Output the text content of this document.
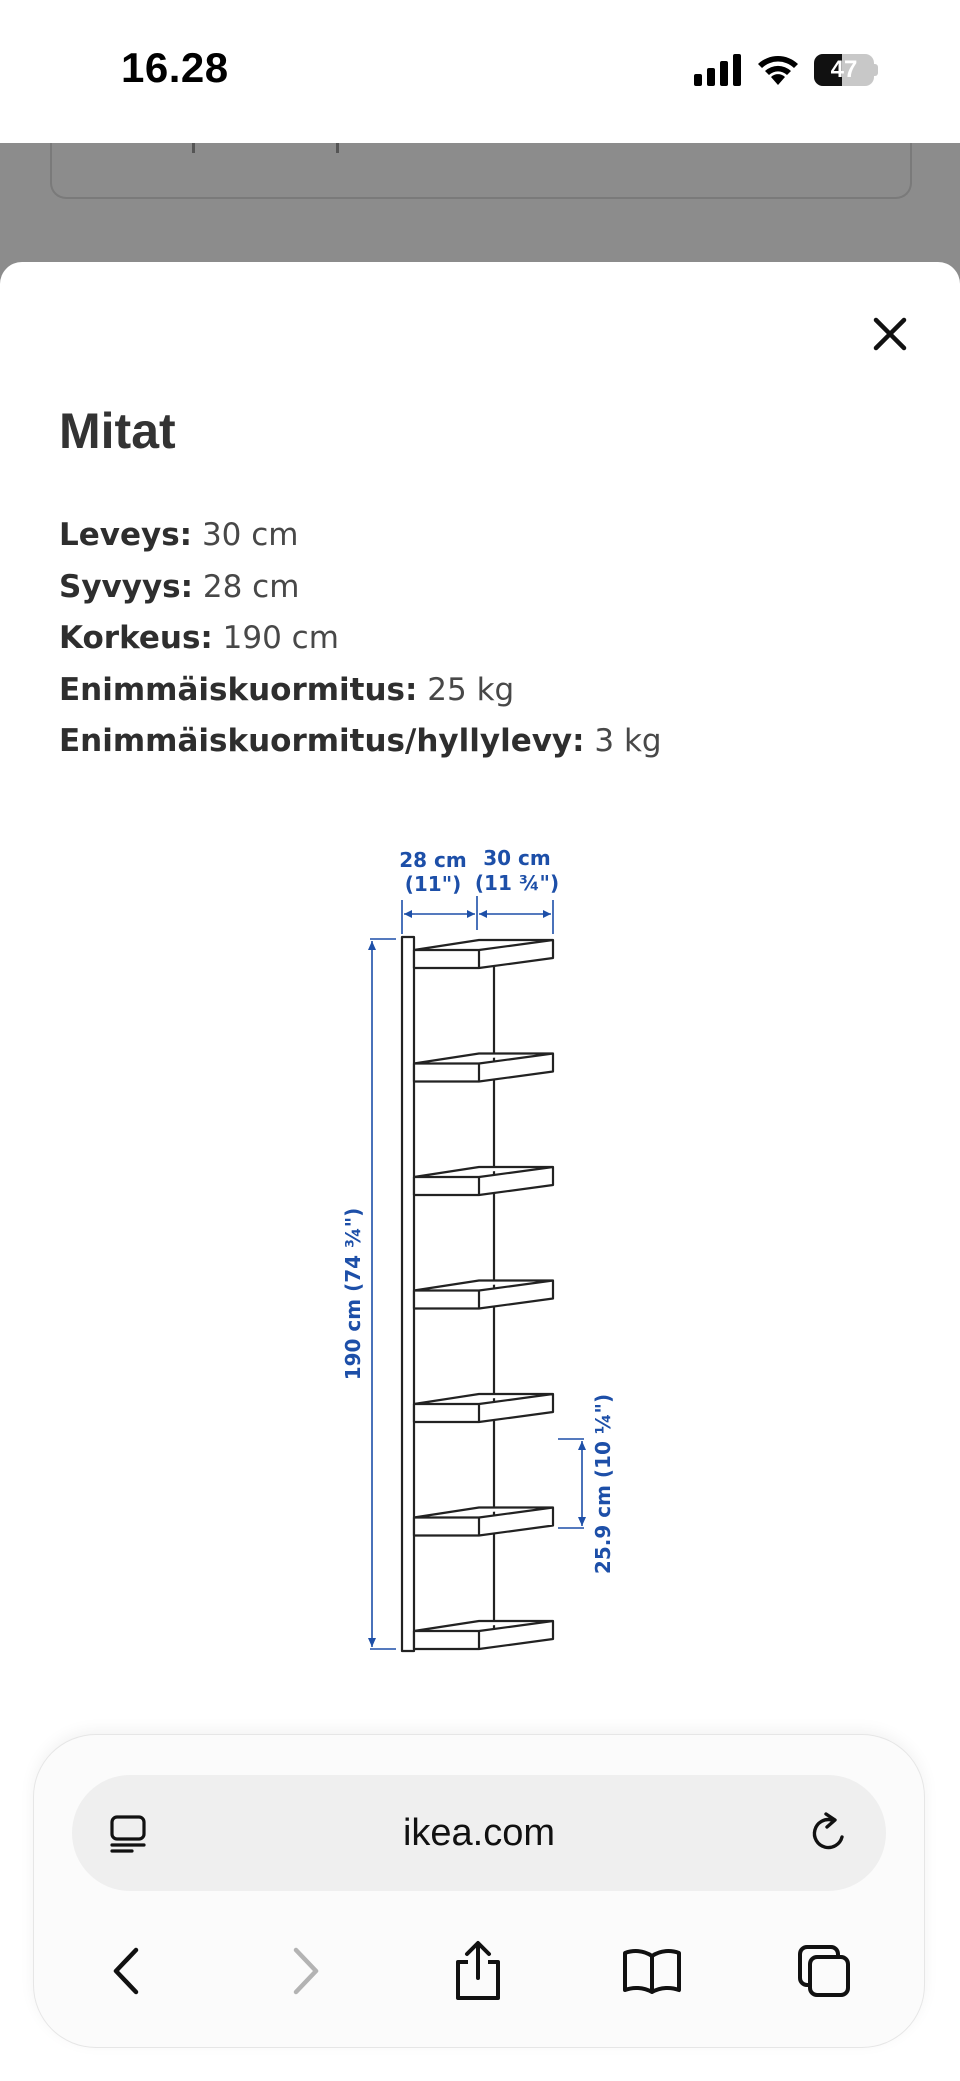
16.28	47
Mitat
Leveys: 30 cm
Syvyys: 28 cm
Korkeus: 190 cm
Enimmäiskuormitus: 25 kg
Enimmäiskuormitus/hyllylevy: 3 kg
28 cm
(11")
30 cm
(11 ¾")
190 cm (74 ¾")
25.9 cm (10 ¼")
ikea.com
